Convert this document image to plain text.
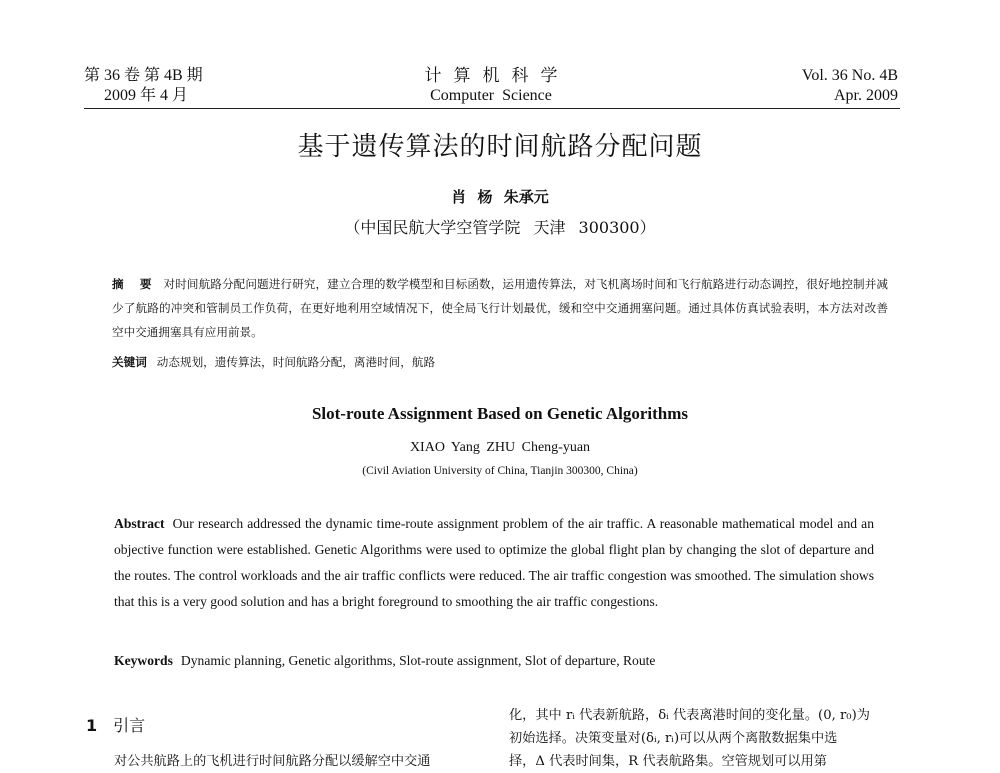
第 36 卷 第 4B 期
2009 年 4 月
计算机科学
Computer Science
Vol. 36 No. 4B
Apr. 2009
基于遗传算法的时间航路分配问题
肖 杨 朱承元
（中国民航大学空管学院 天津 300300）
摘 要 对时间航路分配问题进行研究，建立合理的数学模型和目标函数，运用遗传算法，对飞机离场时间和飞行航路进行动态调控，很好地控制并减少了航路的冲突和管制员工作负荷，在更好地利用空域情况下，使全局飞行计划最优，缓和空中交通拥塞问题。通过具体仿真试验表明，本方法对改善空中交通拥塞具有应用前景。
关键词 动态规划，遗传算法，时间航路分配，离港时间，航路
Slot-route Assignment Based on Genetic Algorithms
XIAO Yang ZHU Cheng-yuan
(Civil Aviation University of China, Tianjin 300300, China)

Abstract Our research addressed the dynamic time-route assignment problem of the air traffic. A reasonable mathematical model and an objective function were established. Genetic Algorithms were used to optimize the global flight plan by changing the slot of departure and the routes. The control workloads and the air traffic conflicts were reduced. The air traffic congestion was smoothed. The simulation shows that this is a very good solution and has a bright foreground to smoothing the air traffic congestions.

Keywords Dynamic planning, Genetic algorithms, Slot-route assignment, Slot of departure, Route
1 引言
化，其中 rᵢ 代表新航路，δᵢ 代表离港时间的变化量。(0, r₀)为
初始选择。决策变量对(δᵢ, rᵢ)可以从两个离散数据集中选
择，Δ 代表时间集，R 代表航路集。空管规划可以用第
对公共航路上的飞机进行时间航路分配以缓解空中交通
